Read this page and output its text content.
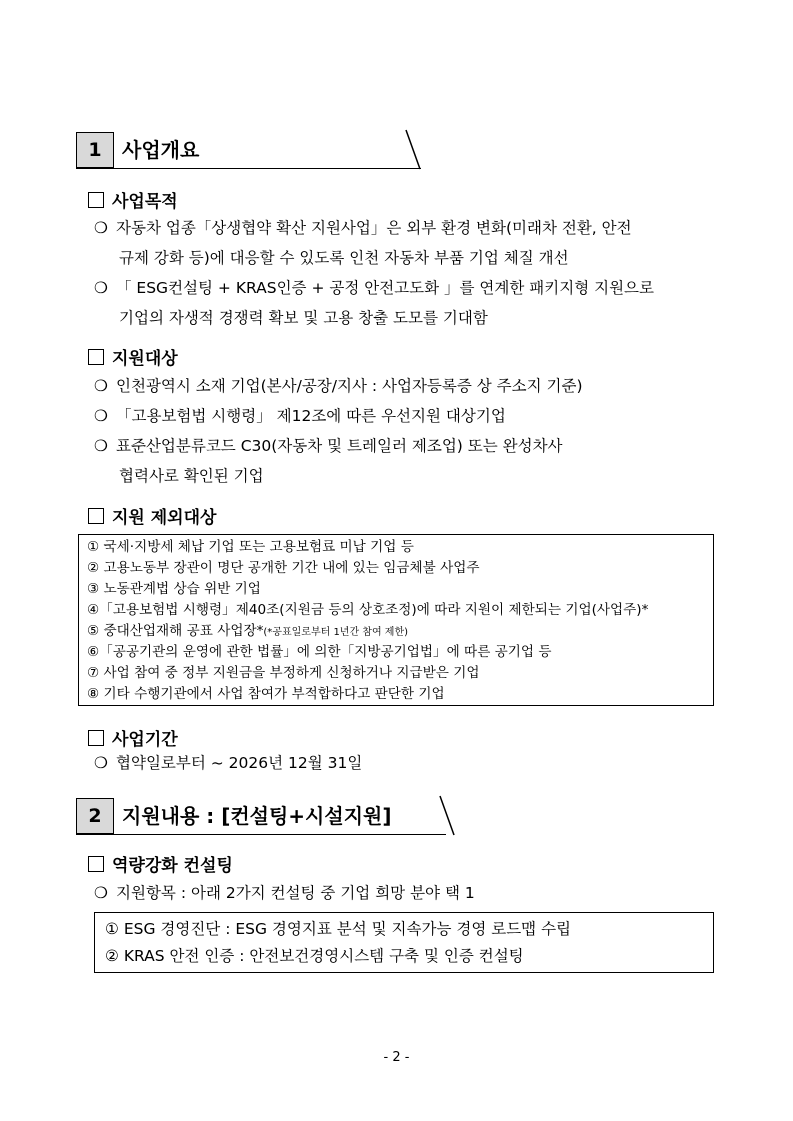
1	사업개요
사업목적
❍ 자동차 업종「상생협약 확산 지원사업」은 외부 환경 변화(미래차 전환, 안전
규제 강화 등)에 대응할 수 있도록 인천 자동차 부품 기업 체질 개선
❍ 「 ESG컨설팅 + KRAS인증 + 공정 안전고도화 」를 연계한 패키지형 지원으로
기업의 자생적 경쟁력 확보 및 고용 창출 도모를 기대함
지원대상
❍ 인천광역시 소재 기업(본사/공장/지사 : 사업자등록증 상 주소지 기준)
❍ 「고용보험법 시행령」 제12조에 따른 우선지원 대상기업
❍ 표준산업분류코드 C30(자동차 및 트레일러 제조업) 또는 완성차사
협력사로 확인된 기업
지원 제외대상
① 국세·지방세 체납 기업 또는 고용보험료 미납 기업 등
② 고용노동부 장관이 명단 공개한 기간 내에 있는 임금체불 사업주
③ 노동관계법 상습 위반 기업
④「고용보험법 시행령」제40조(지원금 등의 상호조정)에 따라 지원이 제한되는 기업(사업주)*
⑤ 중대산업재해 공표 사업장*(*공표일로부터 1년간 참여 제한)
⑥「공공기관의 운영에 관한 법률」에 의한「지방공기업법」에 따른 공기업 등
⑦ 사업 참여 중 정부 지원금을 부정하게 신청하거나 지급받은 기업
⑧ 기타 수행기관에서 사업 참여가 부적합하다고 판단한 기업
사업기간
❍ 협약일로부터 ~ 2026년 12월 31일
2	지원내용 : [컨설팅+시설지원]
역량강화 컨설팅
❍ 지원항목 : 아래 2가지 컨설팅 중 기업 희망 분야 택 1
① ESG 경영진단 : ESG 경영지표 분석 및 지속가능 경영 로드맵 수립
② KRAS 안전 인증 : 안전보건경영시스템 구축 및 인증 컨설팅
- 2 -
